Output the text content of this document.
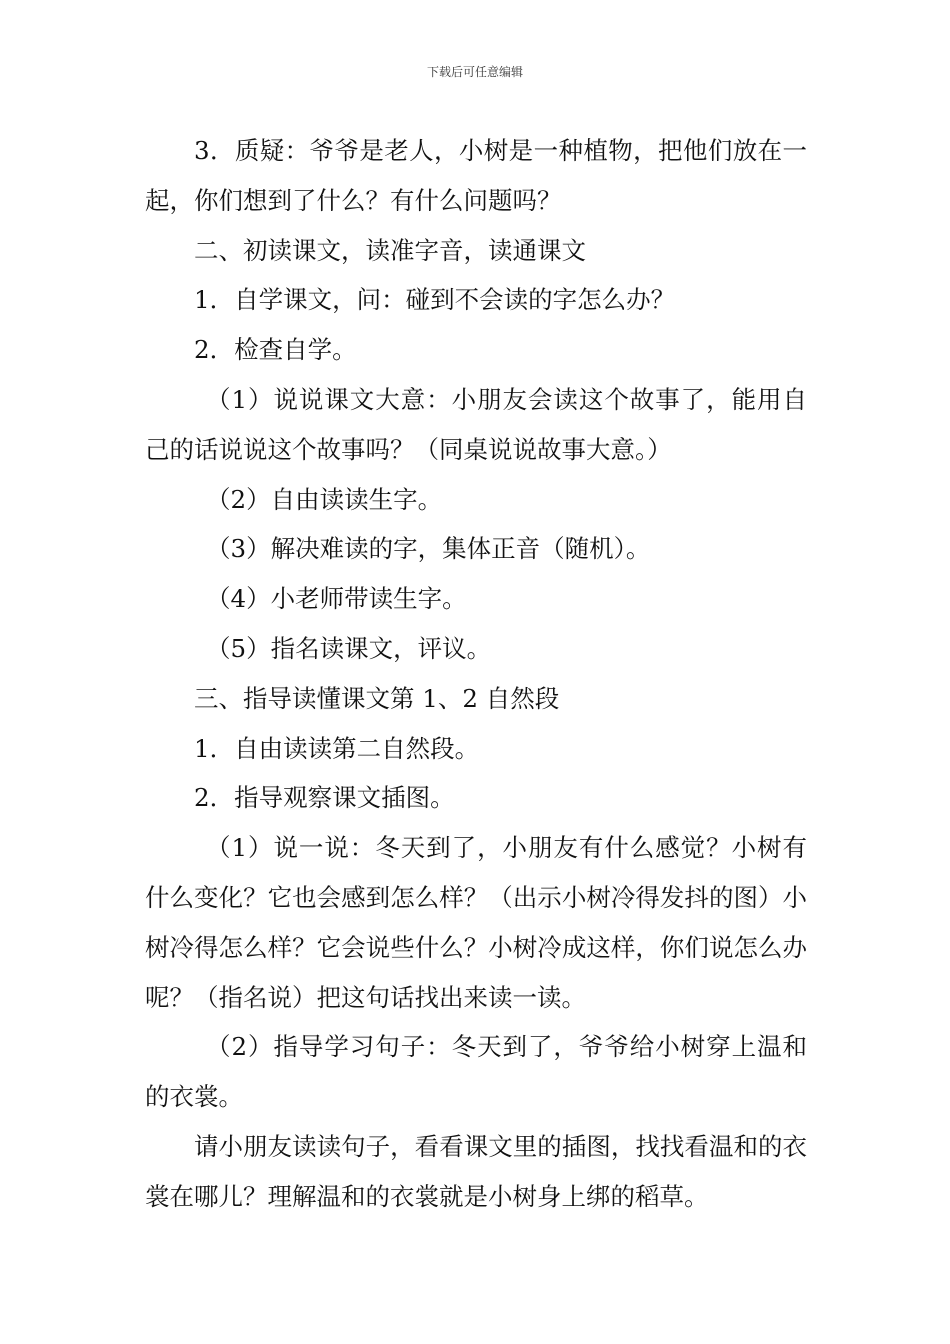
下载后可任意编辑

3．质疑：爷爷是老人，小树是一种植物，把他们放在一起，你们想到了什么？有什么问题吗？

二、初读课文，读准字音，读通课文

1．自学课文，问：碰到不会读的字怎么办？

2．检查自学。

（1）说说课文大意：小朋友会读这个故事了，能用自己的话说说这个故事吗？（同桌说说故事大意。）

（2）自由读读生字。

（3）解决难读的字，集体正音（随机）。

（4）小老师带读生字。

（5）指名读课文，评议。

三、指导读懂课文第 1、2 自然段

1．自由读读第二自然段。

2．指导观察课文插图。

（1）说一说：冬天到了，小朋友有什么感觉？小树有什么变化？它也会感到怎么样？（出示小树冷得发抖的图）小树冷得怎么样？它会说些什么？小树冷成这样，你们说怎么办呢？（指名说）把这句话找出来读一读。

（2）指导学习句子：冬天到了，爷爷给小树穿上温和的衣裳。

请小朋友读读句子，看看课文里的插图，找找看温和的衣裳在哪儿？理解温和的衣裳就是小树身上绑的稻草。
